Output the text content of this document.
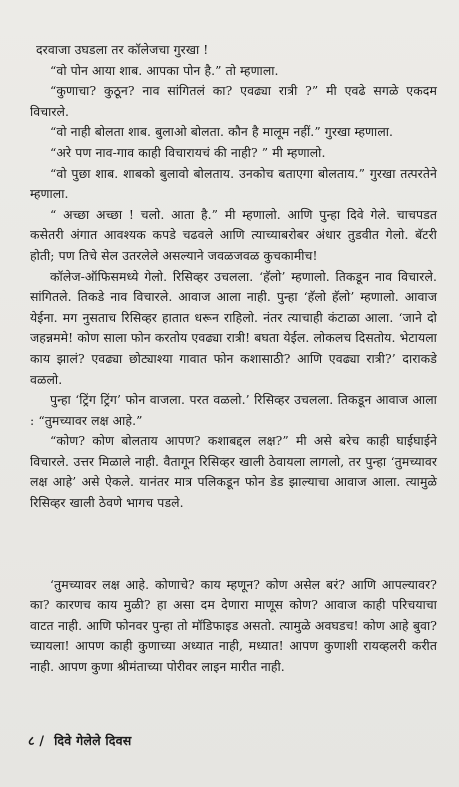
दरवाजा उघडला तर कॉलेजचा गुरखा !

“वो पोन आया शाब. आपका पोन है.” तो म्हणाला.

“कुणाचा? कुठून? नाव सांगितलं का? एवढ्या रात्री ?” मी एवढे सगळे एकदम विचारले.

“वो नाही बोलता शाब. बुलाओ बोलता. कौन है मालूम नहीं.” गुरखा म्हणाला.

“अरे पण नाव-गाव काही विचारायचं की नाही? ” मी म्हणालो.

“वो पुछा शाब. शाबको बुलावो बोलताय. उनकोच बताएगा बोलताय.” गुरखा तत्परतेने म्हणाला.

“ अच्छा अच्छा ! चलो. आता है.” मी म्हणालो. आणि पुन्हा दिवे गेले. चाचपडत कसेतरी अंगात आवश्यक कपडे चढवले आणि त्याच्याबरोबर अंधार तुडवीत गेलो. बॅटरी होती; पण तिचे सेल उतरलेले असल्याने जवळजवळ कुचकामीच!

कॉलेज-ऑफिसमध्ये गेलो. रिसिव्हर उचलला. ‘हॅलो’ म्हणालो. तिकडून नाव विचारले. सांगितले. तिकडे नाव विचारले. आवाज आला नाही. पुन्हा ‘हॅलो हॅलो’ म्हणालो. आवाज येईना. मग नुसताच रिसिव्हर हातात धरून राहिलो. नंतर त्याचाही कंटाळा आला. ‘जाने दो जहन्नममे! कोण साला फोन करतोय एवढ्या रात्री! बघता येईल. लोकलच दिसतोय. भेटायला काय झालं? एवढ्या छोट्याश्या गावात फोन कशासाठी? आणि एवढ्या रात्री?’ दाराकडे वळलो.

पुन्हा ‘ट्रिंग ट्रिंग’ फोन वाजला. परत वळलो.’ रिसिव्हर उचलला. तिकडून आवाज आला : “तुमच्यावर लक्ष आहे.”

“कोण? कोण बोलताय आपण? कशाबद्दल लक्ष?” मी असे बरेच काही घाईघाईने विचारले. उत्तर मिळाले नाही. वैतागून रिसिव्हर खाली ठेवायला लागलो, तर पुन्हा ‘तुमच्यावर लक्ष आहे’ असे ऐकले. यानंतर मात्र पलिकडून फोन डेड झाल्याचा आवाज आला. त्यामुळे रिसिव्हर खाली ठेवणे भागच पडले.

‘तुमच्यावर लक्ष आहे. कोणाचे? काय म्हणून? कोण असेल बरं? आणि आपल्यावर? का? कारणच काय मुळी? हा असा दम देणारा माणूस कोण? आवाज काही परिचयाचा वाटत नाही. आणि फोनवर पुन्हा तो मॉडिफाइड असतो. त्यामुळे अवघडच! कोण आहे बुवा? च्यायला! आपण काही कुणाच्या अध्यात नाही, मध्यात! आपण कुणाशी रायव्हलरी करीत नाही. आपण कुणा श्रीमंताच्या पोरीवर लाइन मारीत नाही.

८ / दिवे गेलेले दिवस
